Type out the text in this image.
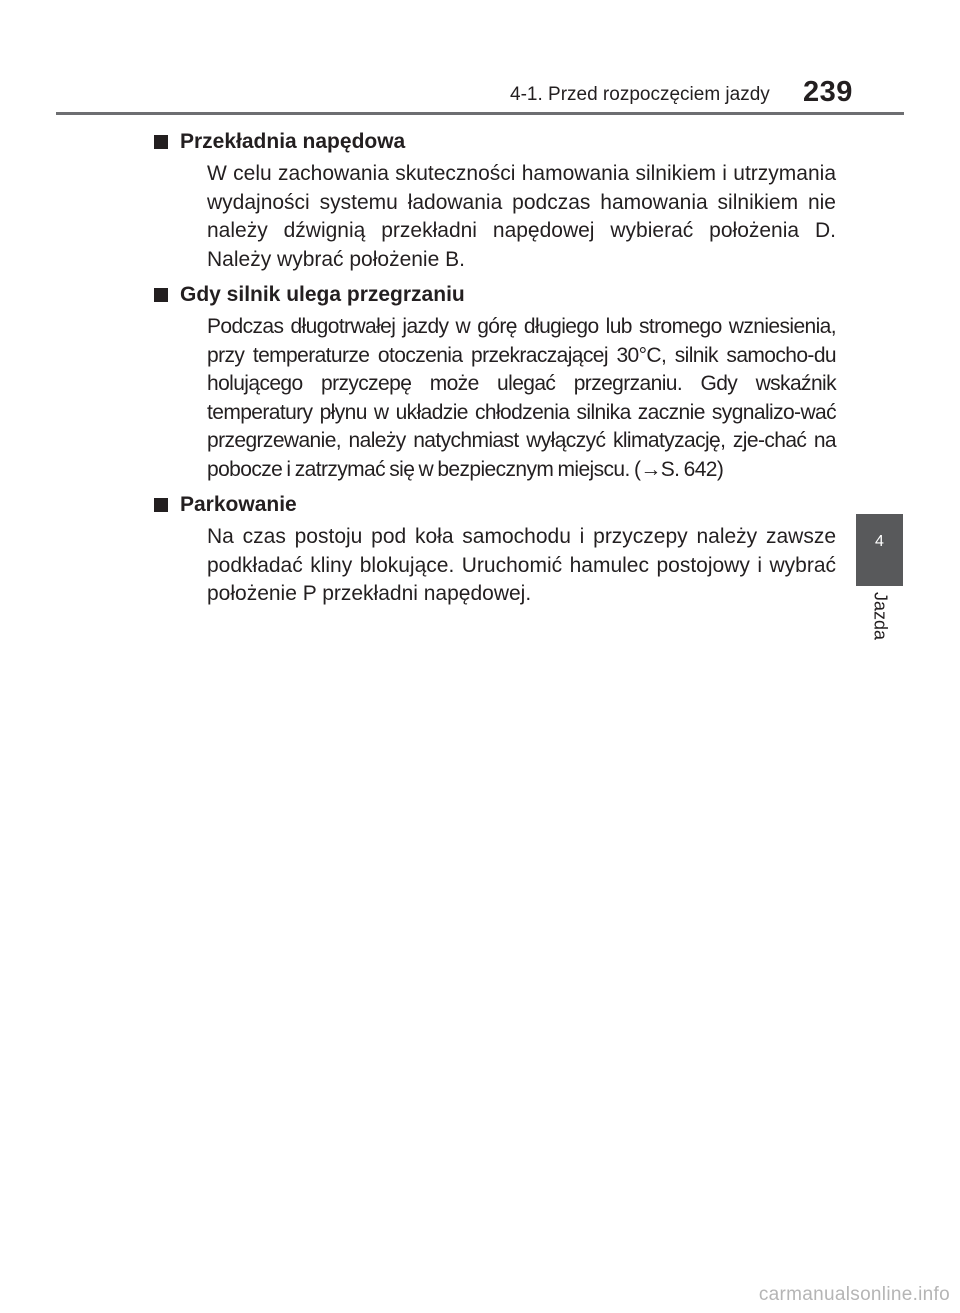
4-1. Przed rozpoczęciem jazdy 239
4
Jazda
Przekładnia napędowa
W celu zachowania skuteczności hamowania silnikiem i utrzymania wydajności systemu ładowania podczas hamowania silnikiem nie należy dźwignią przekładni napędowej wybierać położenia D. Należy wybrać położenie B.
Gdy silnik ulega przegrzaniu
Podczas długotrwałej jazdy w górę długiego lub stromego wzniesienia, przy temperaturze otoczenia przekraczającej 30°C, silnik samocho-du holującego przyczepę może ulegać przegrzaniu. Gdy wskaźnik temperatury płynu w układzie chłodzenia silnika zacznie sygnalizo-wać przegrzewanie, należy natychmiast wyłączyć klimatyzację, zje-chać na pobocze i zatrzymać się w bezpiecznym miejscu. (→S. 642)
Parkowanie
Na czas postoju pod koła samochodu i przyczepy należy zawsze podkładać kliny blokujące. Uruchomić hamulec postojowy i wybrać położenie P przekładni napędowej.
carmanualsonline.info
